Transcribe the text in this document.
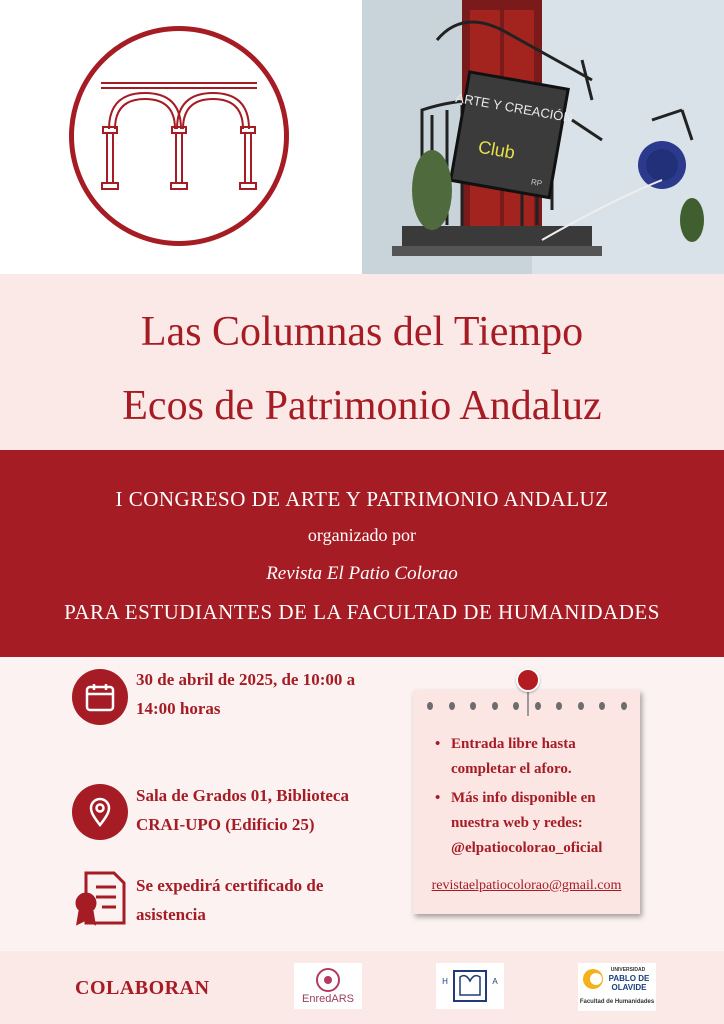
ARTE Y CREACIÓN
Club
RP
Las Columnas del Tiempo
Ecos de Patrimonio Andaluz
I CONGRESO DE ARTE Y PATRIMONIO ANDALUZ
organizado por
Revista El Patio Colorao
PARA ESTUDIANTES DE LA FACULTAD DE HUMANIDADES
30 de abril de 2025, de 10:00 a
14:00 horas
Sala de Grados 01, Biblioteca
CRAI-UPO (Edificio 25)
Se expedirá certificado de
asistencia
• Entrada libre hasta completar el aforo.
• Más info disponible en nuestra web y redes: @elpatiocolorao_oficial
revistaelpatiocolorao@gmail.com
COLABORAN	EnredARS
H	A
UNIVERSIDAD
PABLO DE OLAVIDE
Facultad de Humanidades
